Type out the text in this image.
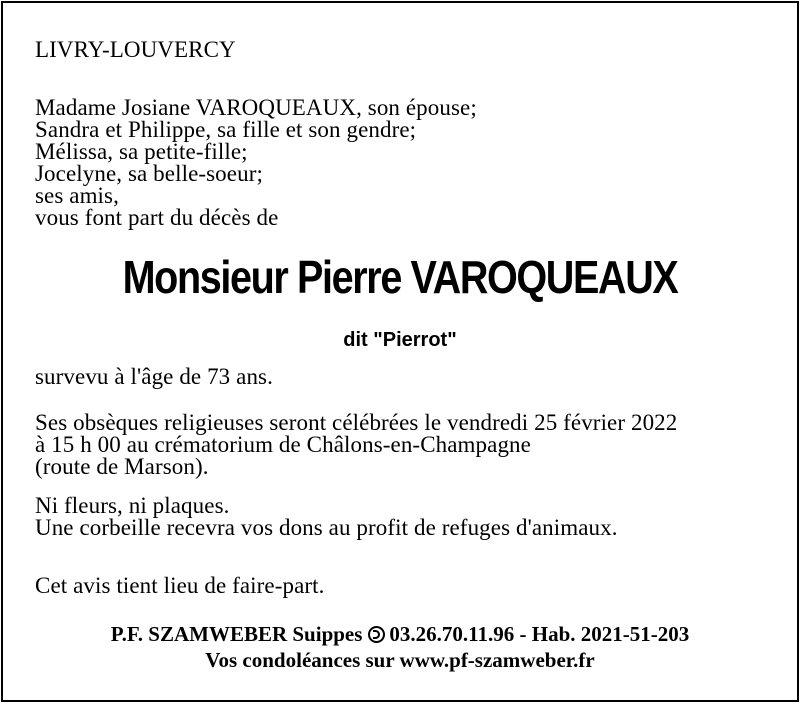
LIVRY-LOUVERCY
Madame Josiane VAROQUEAUX, son épouse;
Sandra et Philippe, sa fille et son gendre;
Mélissa, sa petite-fille;
Jocelyne, sa belle-soeur;
ses amis,
vous font part du décès de
Monsieur Pierre VAROQUEAUX
dit "Pierrot"
survevu à l'âge de 73 ans.
Ses obsèques religieuses seront célébrées le vendredi 25 février 2022
à 15 h 00 au crématorium de Châlons-en-Champagne
(route de Marson).
Ni fleurs, ni plaques.
Une corbeille recevra vos dons au profit de refuges d'animaux.
Cet avis tient lieu de faire-part.
P.F. SZAMWEBER Suippes 03.26.70.11.96 - Hab. 2021-51-203
Vos condoléances sur www.pf-szamweber.fr
